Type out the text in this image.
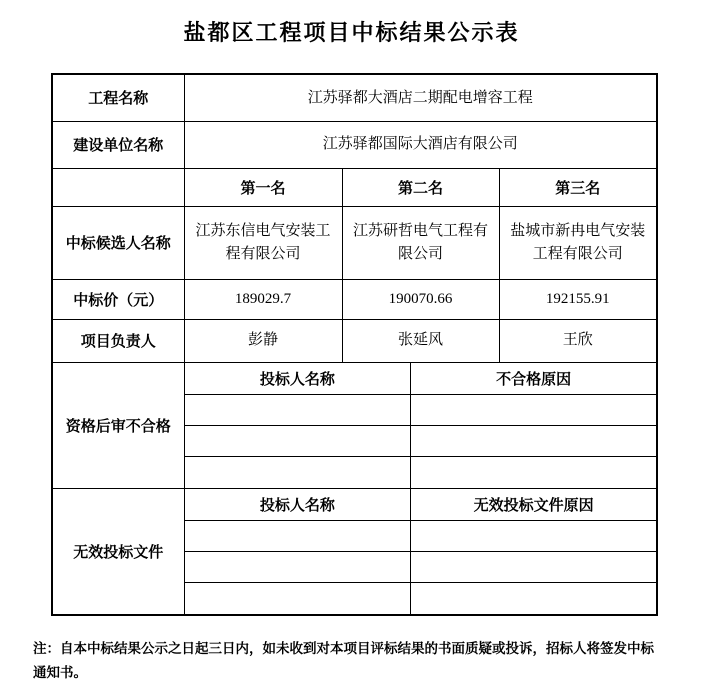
盐都区工程项目中标结果公示表
工程名称	江苏驿都大酒店二期配电增容工程
建设单位名称	江苏驿都国际大酒店有限公司
	第一名	第二名	第三名
中标候选人名称	江苏东信电气安装工程有限公司	江苏研哲电气工程有限公司	盐城市新冉电气安装工程有限公司
中标价（元）	189029.7	190070.66	192155.91
项目负责人	彭静	张延风	王欣
资格后审不合格	
投标人名称	不合格原因

无效投标文件	
投标人名称	无效投标文件原因

注：自本中标结果公示之日起三日内，如未收到对本项目评标结果的书面质疑或投诉，招标人将签发中标通知书。
